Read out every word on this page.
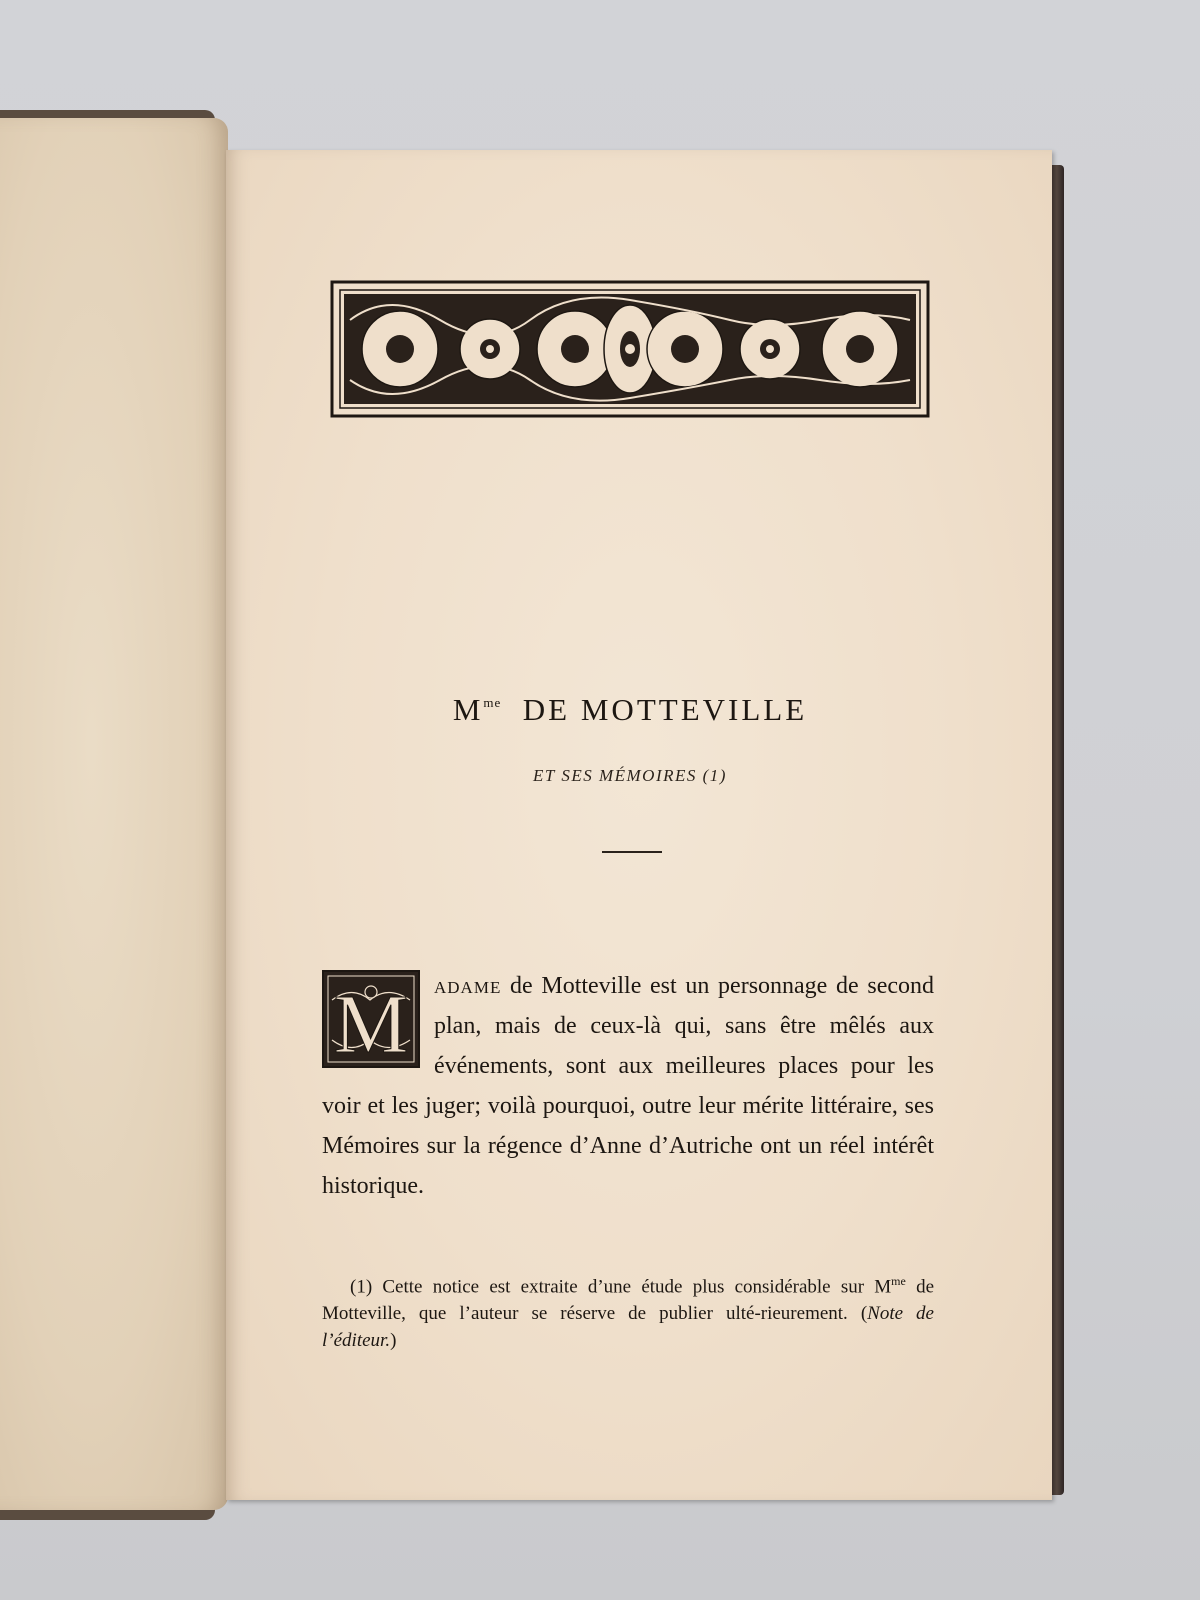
$M^{me}$ DE MOTTEVILLE
ET SES MÉMOIRES (1)
M adame de Motteville est un personnage de second plan, mais de ceux-là qui, sans être mêlés aux événements, sont aux meilleures places pour les voir et les juger; voilà pourquoi, outre leur mérite littéraire, ses Mémoires sur la régence d’Anne d’Autriche ont un réel intérêt historique.
(1) Cette notice est extraite d’une étude plus considérable sur $M^{me}$ de Motteville, que l’auteur se réserve de publier ulté-rieurement. (Note de l’éditeur.)
